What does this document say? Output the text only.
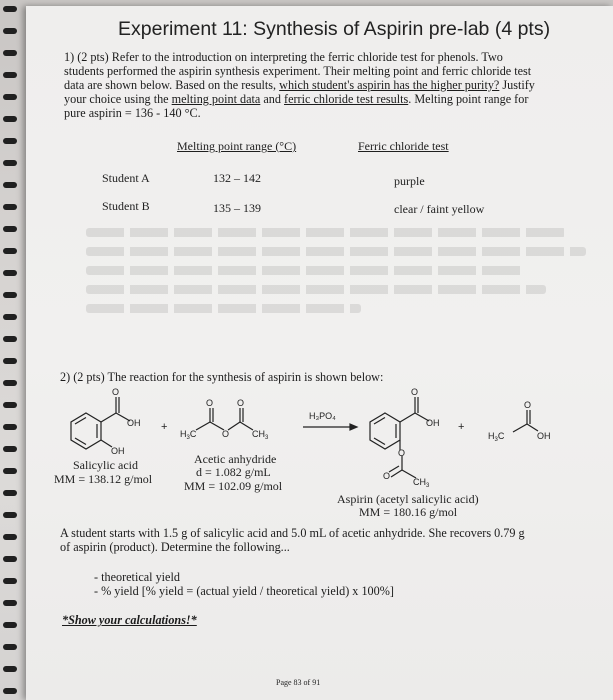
Experiment 11: Synthesis of Aspirin pre-lab (4 pts)
1) (2 pts) Refer to the introduction on interpreting the ferric chloride test for phenols. Two
students performed the aspirin synthesis experiment. Their melting point and ferric chloride test
data are shown below. Based on the results, which student's aspirin has the higher purity? Justify
your choice using the melting point data and ferric chloride test results. Melting point range for
pure aspirin = 136 - 140 °C.
Melting point range (°C)	Ferric chloride test
Student A	132 – 142	purple
Student B	135 – 139	clear / faint yellow
2) (2 pts) The reaction for the synthesis of aspirin is shown below:
O
OH
OH
+
O	O
$H_3C$	O	$CH_3$
H₃PO₄
O
OH
O
O
$CH_3$
+
O
$H_3C$	OH
Salicylic acid
MM = 138.12 g/mol
Acetic anhydride
d = 1.082 g/mL
MM = 102.09 g/mol
Aspirin (acetyl salicylic acid)
MM = 180.16 g/mol
A student starts with 1.5 g of salicylic acid and 5.0 mL of acetic anhydride. She recovers 0.79 g
of aspirin (product). Determine the following...
- theoretical yield
- % yield [% yield = (actual yield / theoretical yield) x 100%]
*Show your calculations!*
Page 83 of 91
